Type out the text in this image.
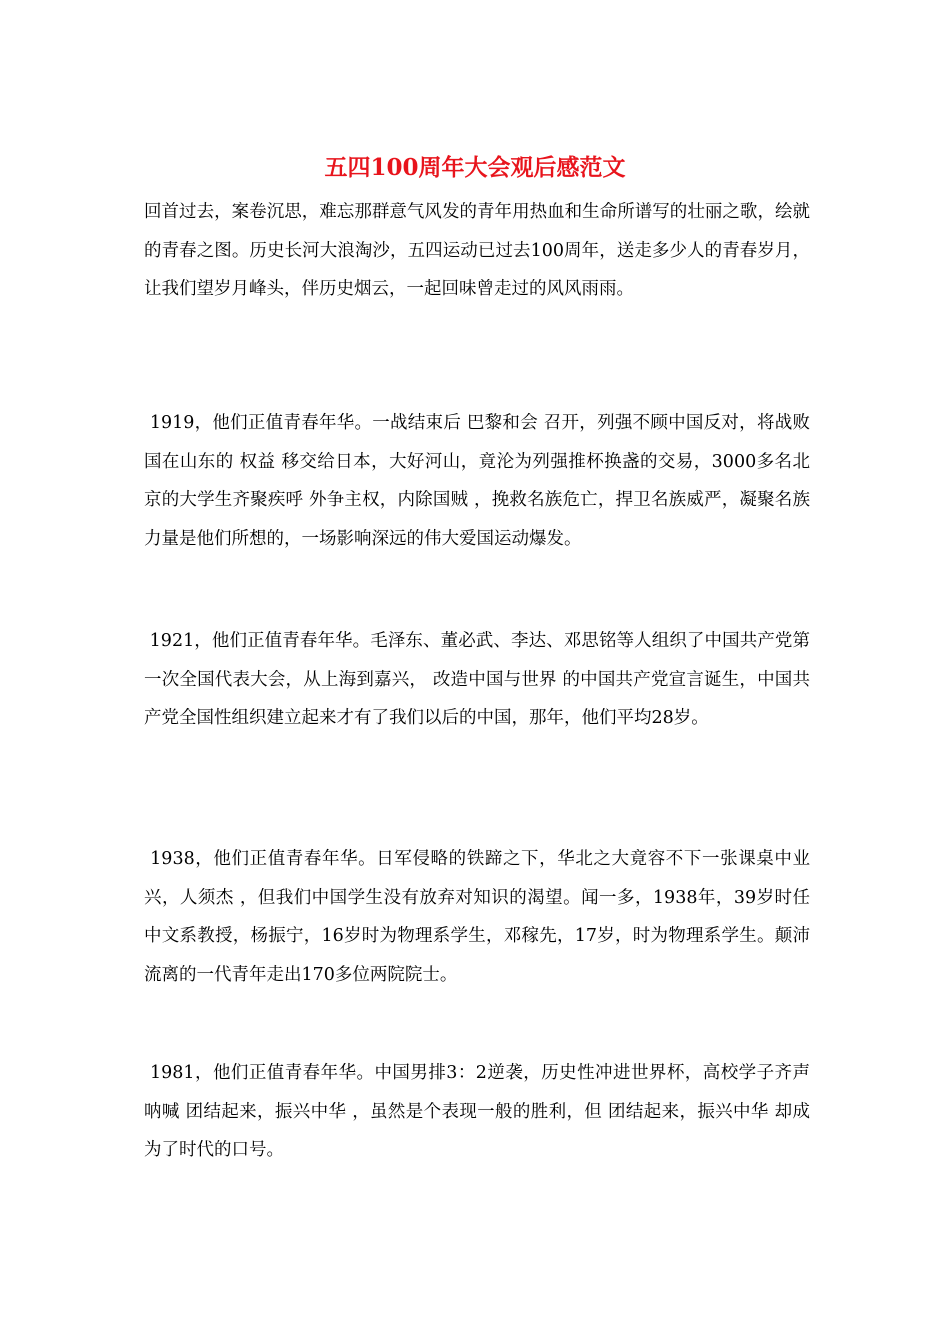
五四100周年大会观后感范文

回首过去，案卷沉思，难忘那群意气风发的青年用热血和生命所谱写的壮丽之歌，绘就的青春之图。历史长河大浪淘沙，五四运动已过去100周年，送走多少人的青春岁月，让我们望岁月峰头，伴历史烟云，一起回味曾走过的风风雨雨。

1919，他们正值青春年华。一战结束后 巴黎和会 召开，列强不顾中国反对，将战败国在山东的 权益 移交给日本，大好河山，竟沦为列强推杯换盏的交易，3000多名北京的大学生齐聚疾呼 外争主权，内除国贼 ，挽救名族危亡，捍卫名族威严，凝聚名族力量是他们所想的，一场影响深远的伟大爱国运动爆发。

1921，他们正值青春年华。毛泽东、董必武、李达、邓思铭等人组织了中国共产党第一次全国代表大会，从上海到嘉兴， 改造中国与世界 的中国共产党宣言诞生，中国共产党全国性组织建立起来才有了我们以后的中国，那年，他们平均28岁。

1938，他们正值青春年华。日军侵略的铁蹄之下，华北之大竟容不下一张课桌中业兴，人须杰 ，但我们中国学生没有放弃对知识的渴望。闻一多，1938年，39岁时任中文系教授，杨振宁，16岁时为物理系学生，邓稼先，17岁，时为物理系学生。颠沛流离的一代青年走出170多位两院院士。

1981，他们正值青春年华。中国男排3：2逆袭，历史性冲进世界杯，高校学子齐声呐喊 团结起来，振兴中华 ，虽然是个表现一般的胜利，但 团结起来，振兴中华 却成为了时代的口号。
